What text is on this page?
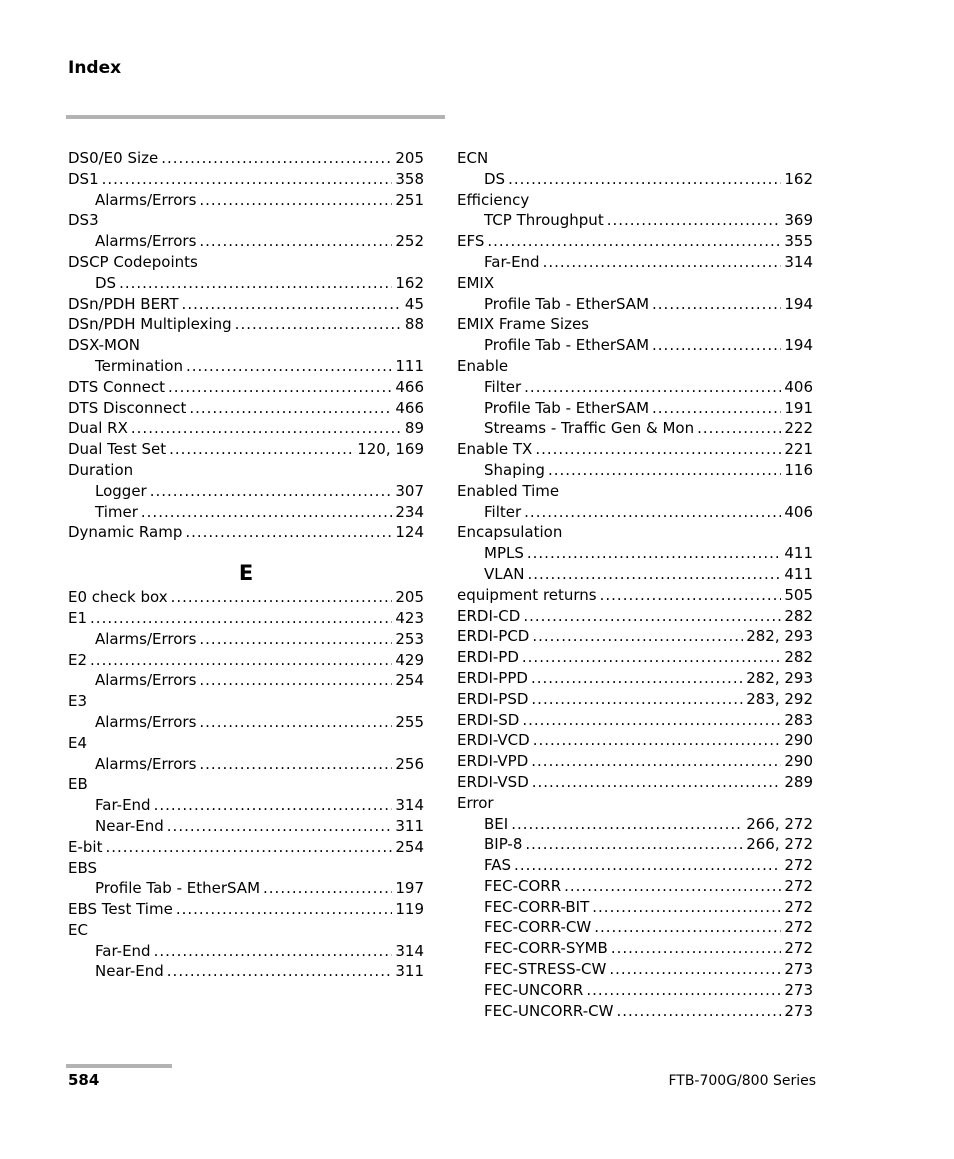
Index
DS0/E0 Size .....	205
DS1 .....	358
Alarms/Errors .....	251
DS3
Alarms/Errors .....	252
DSCP Codepoints
DS .....	162
DSn/PDH BERT .....	45
DSn/PDH Multiplexing .....	88
DSX-MON
Termination .....	111
DTS Connect .....	466
DTS Disconnect .....	466
Dual RX .....	89
Dual Test Set .....	120, 169
Duration
Logger .....	307
Timer .....	234
Dynamic Ramp .....	124
E
E0 check box .....	205
E1 .....	423
Alarms/Errors .....	253
E2 .....	429
Alarms/Errors .....	254
E3
Alarms/Errors .....	255
E4
Alarms/Errors .....	256
EB
Far-End .....	314
Near-End .....	311
E-bit .....	254
EBS
Profile Tab - EtherSAM .....	197
EBS Test Time .....	119
EC
Far-End .....	314
Near-End .....	311
ECN
DS .....	162
Efficiency
TCP Throughput .....	369
EFS .....	355
Far-End .....	314
EMIX
Profile Tab - EtherSAM .....	194
EMIX Frame Sizes
Profile Tab - EtherSAM .....	194
Enable
Filter .....	406
Profile Tab - EtherSAM .....	191
Streams - Traffic Gen & Mon .....	222
Enable TX .....	221
Shaping .....	116
Enabled Time
Filter .....	406
Encapsulation
MPLS .....	411
VLAN .....	411
equipment returns .....	505
ERDI-CD .....	282
ERDI-PCD .....	282, 293
ERDI-PD .....	282
ERDI-PPD .....	282, 293
ERDI-PSD .....	283, 292
ERDI-SD .....	283
ERDI-VCD .....	290
ERDI-VPD .....	290
ERDI-VSD .....	289
Error
BEI .....	266, 272
BIP-8 .....	266, 272
FAS .....	272
FEC-CORR .....	272
FEC-CORR-BIT .....	272
FEC-CORR-CW .....	272
FEC-CORR-SYMB .....	272
FEC-STRESS-CW .....	273
FEC-UNCORR .....	273
FEC-UNCORR-CW .....	273
584	FTB-700G/800 Series
